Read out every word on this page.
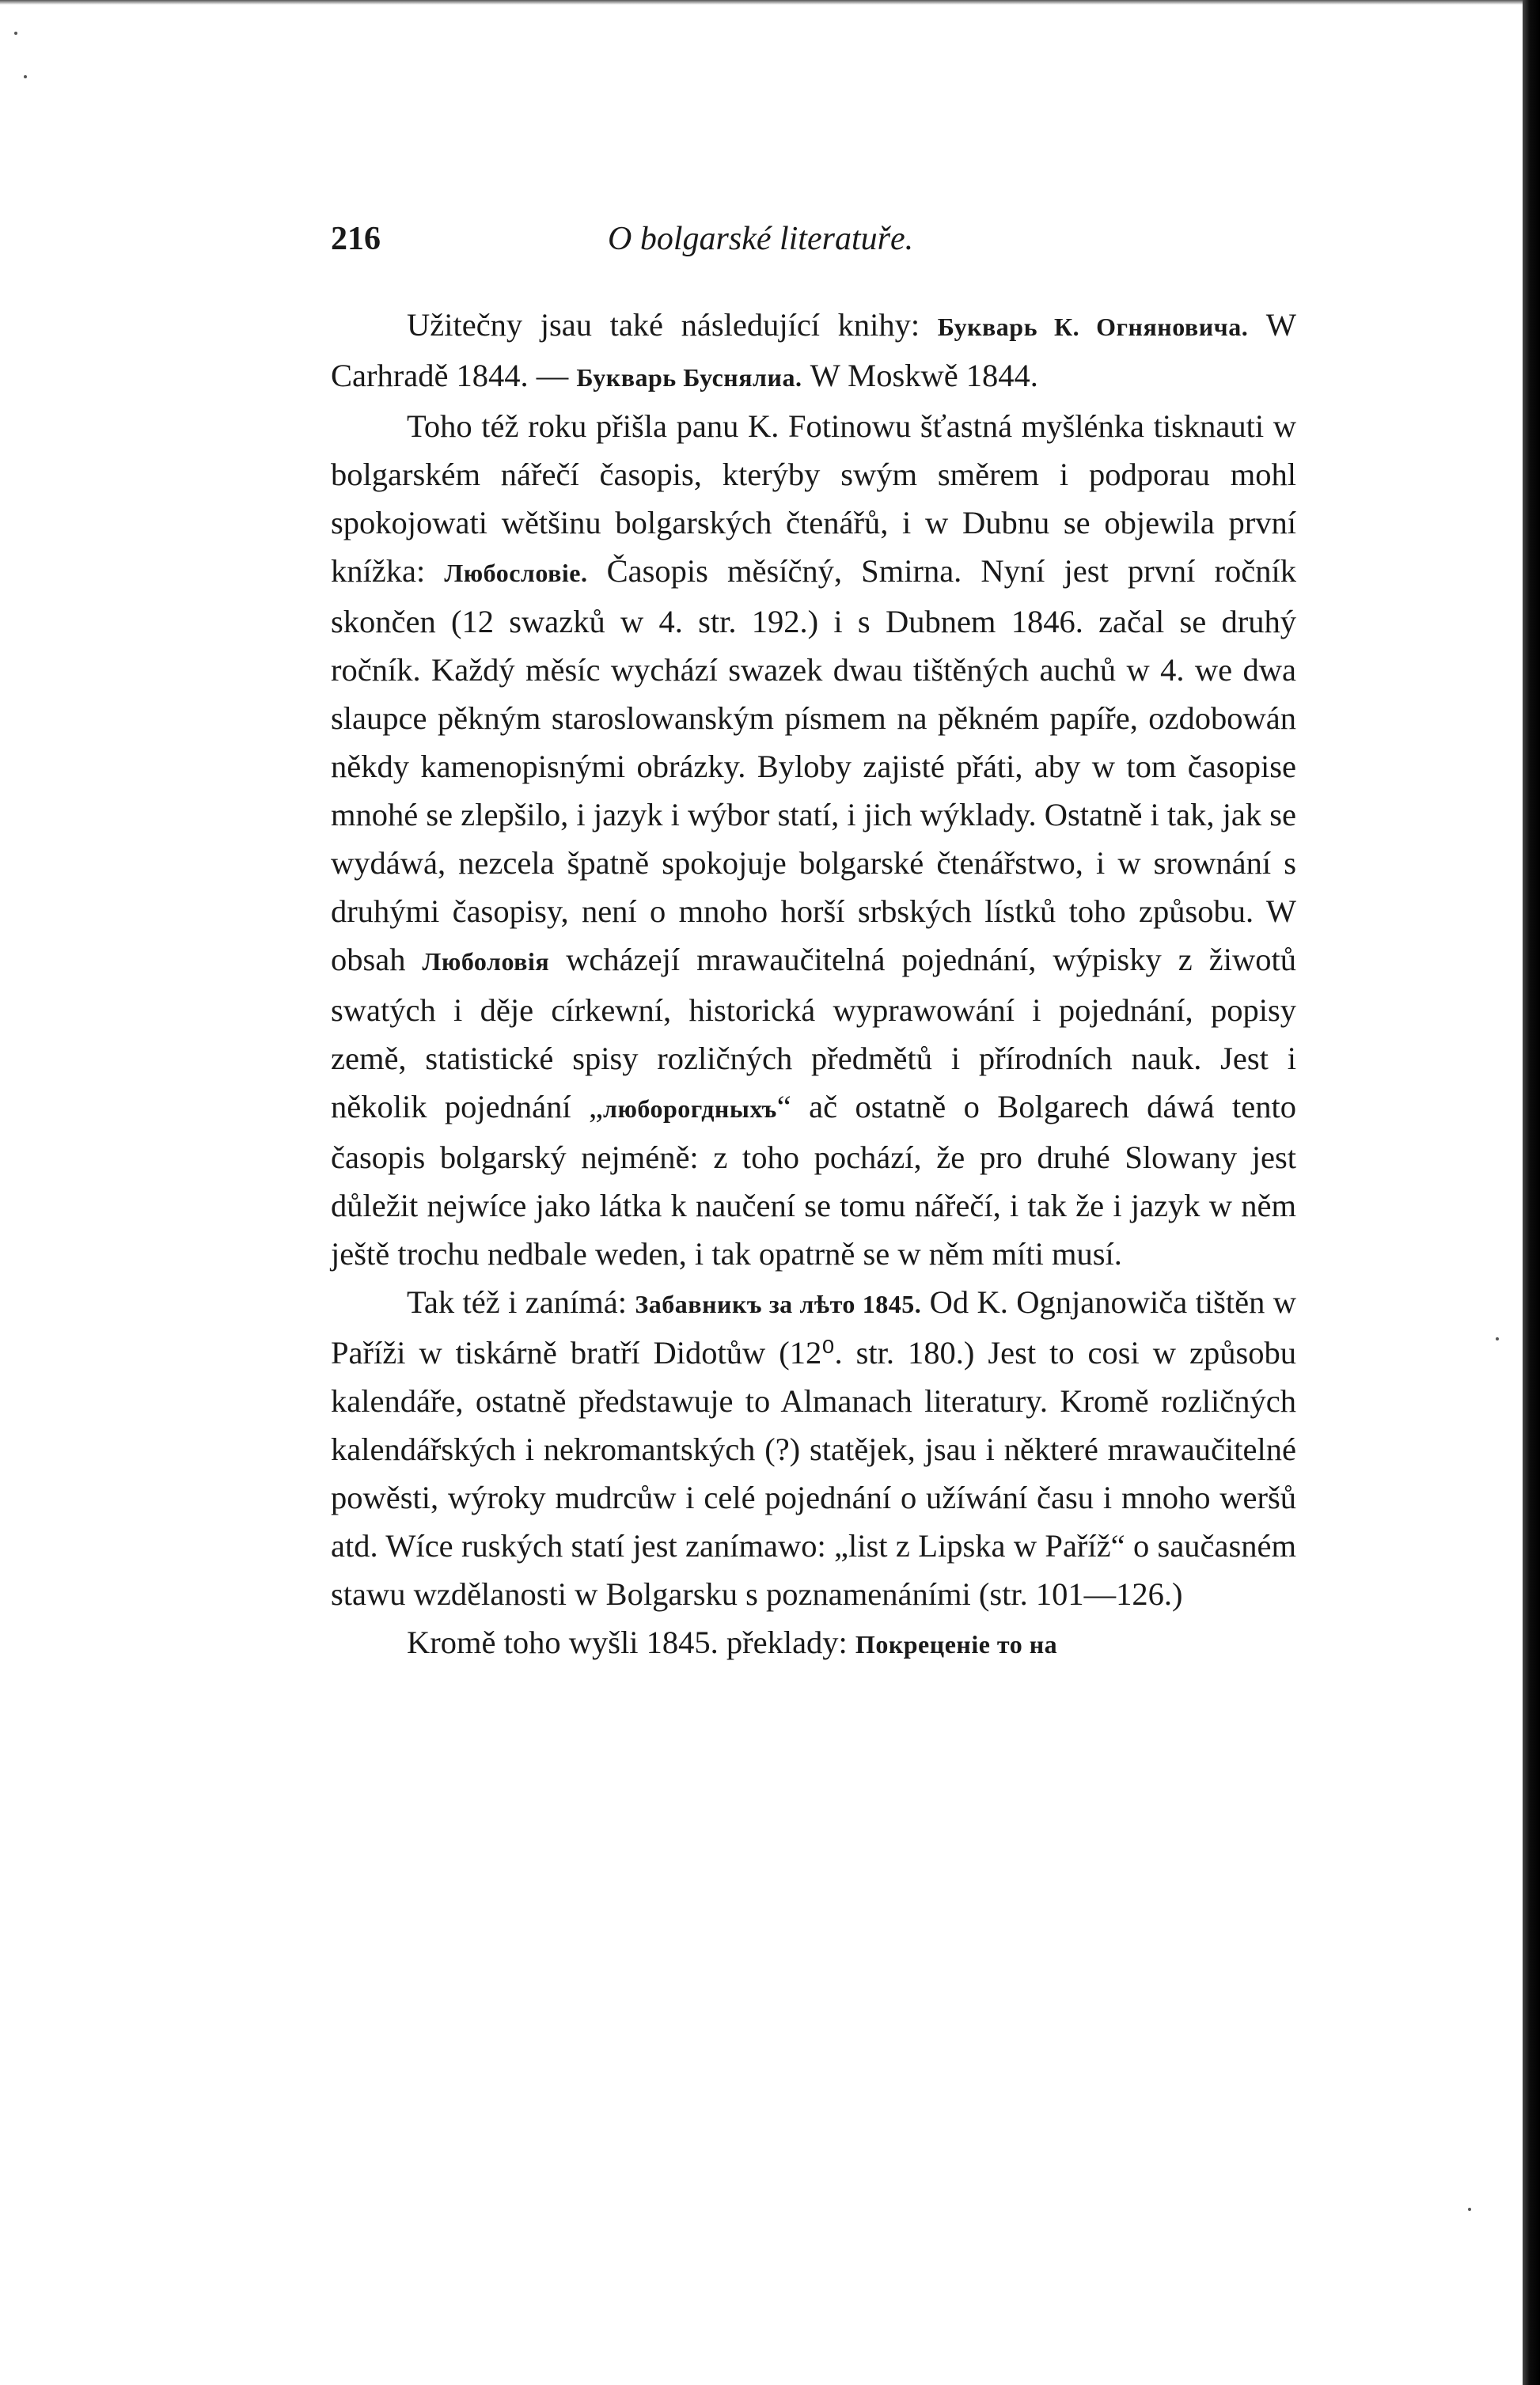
216	O bolgarské literatuře.

Užitečny jsau také následující knihy: Букварь К. Огняновича. W Carhradě 1844. — Букварь Буснялиа. W Moskwě 1844.

Toho též roku přišla panu K. Fotinowu šťastná myšlénka tisknauti w bolgarském nářečí časopis, kterýby swým směrem i podporau mohl spokojowati wětšinu bolgarských čtenářů, i w Dubnu se objewila první knížka: Любословіе. Časopis měsíčný, Smirna. Nyní jest první ročník skončen (12 swazků w 4. str. 192.) i s Dubnem 1846. začal se druhý ročník. Každý měsíc wychází swazek dwau tištěných auchů w 4. we dwa slaupce pěkným staroslowanským písmem na pěkném papíře, ozdobowán někdy kamenopisnými obrázky. Byloby zajisté přáti, aby w tom časopise mnohé se zlepšilo, i jazyk i wýbor statí, i jich wýklady. Ostatně i tak, jak se wydáwá, nezcela špatně spokojuje bolgarské čtenářstwo, i w srownání s druhými časopisy, není o mnoho horší srbských lístků toho způsobu. W obsah Люболовія wcházejí mrawaučitelná pojednání, wýpisky z žiwotů swatých i děje církewní, historická wyprawowání i pojednání, popisy země, statistické spisy rozličných předmětů i přírodních nauk. Jest i několik pojednání „люборогдныхъ“ ač ostatně o Bolgarech dáwá tento časopis bolgarský nejméně: z toho pochází, že pro druhé Slowany jest důležit nejwíce jako látka k naučení se tomu nářečí, i tak že i jazyk w něm ještě trochu nedbale weden, i tak opatrně se w něm míti musí.

Tak též i zanímá: Забавникъ за лѣто 1845. Od K. Ognjanowiča tištěn w Paříži w tiskárně bratří Didotůw (12⁰. str. 180.) Jest to cosi w způsobu kalendáře, ostatně předstawuje to Almanach literatury. Kromě rozličných kalendářských i nekromantských (?) statějek, jsau i některé mrawaučitelné powěsti, wýroky mudrcůw i celé pojednání o užíwání času i mnoho weršů atd. Wíce ruských statí jest zanímawo: „list z Lipska w Paříž“ o saučasném stawu wzdělanosti w Bolgarsku s poznamenáními (str. 101—126.)

Kromě toho wyšli 1845. překlady: Покреценіе то на
